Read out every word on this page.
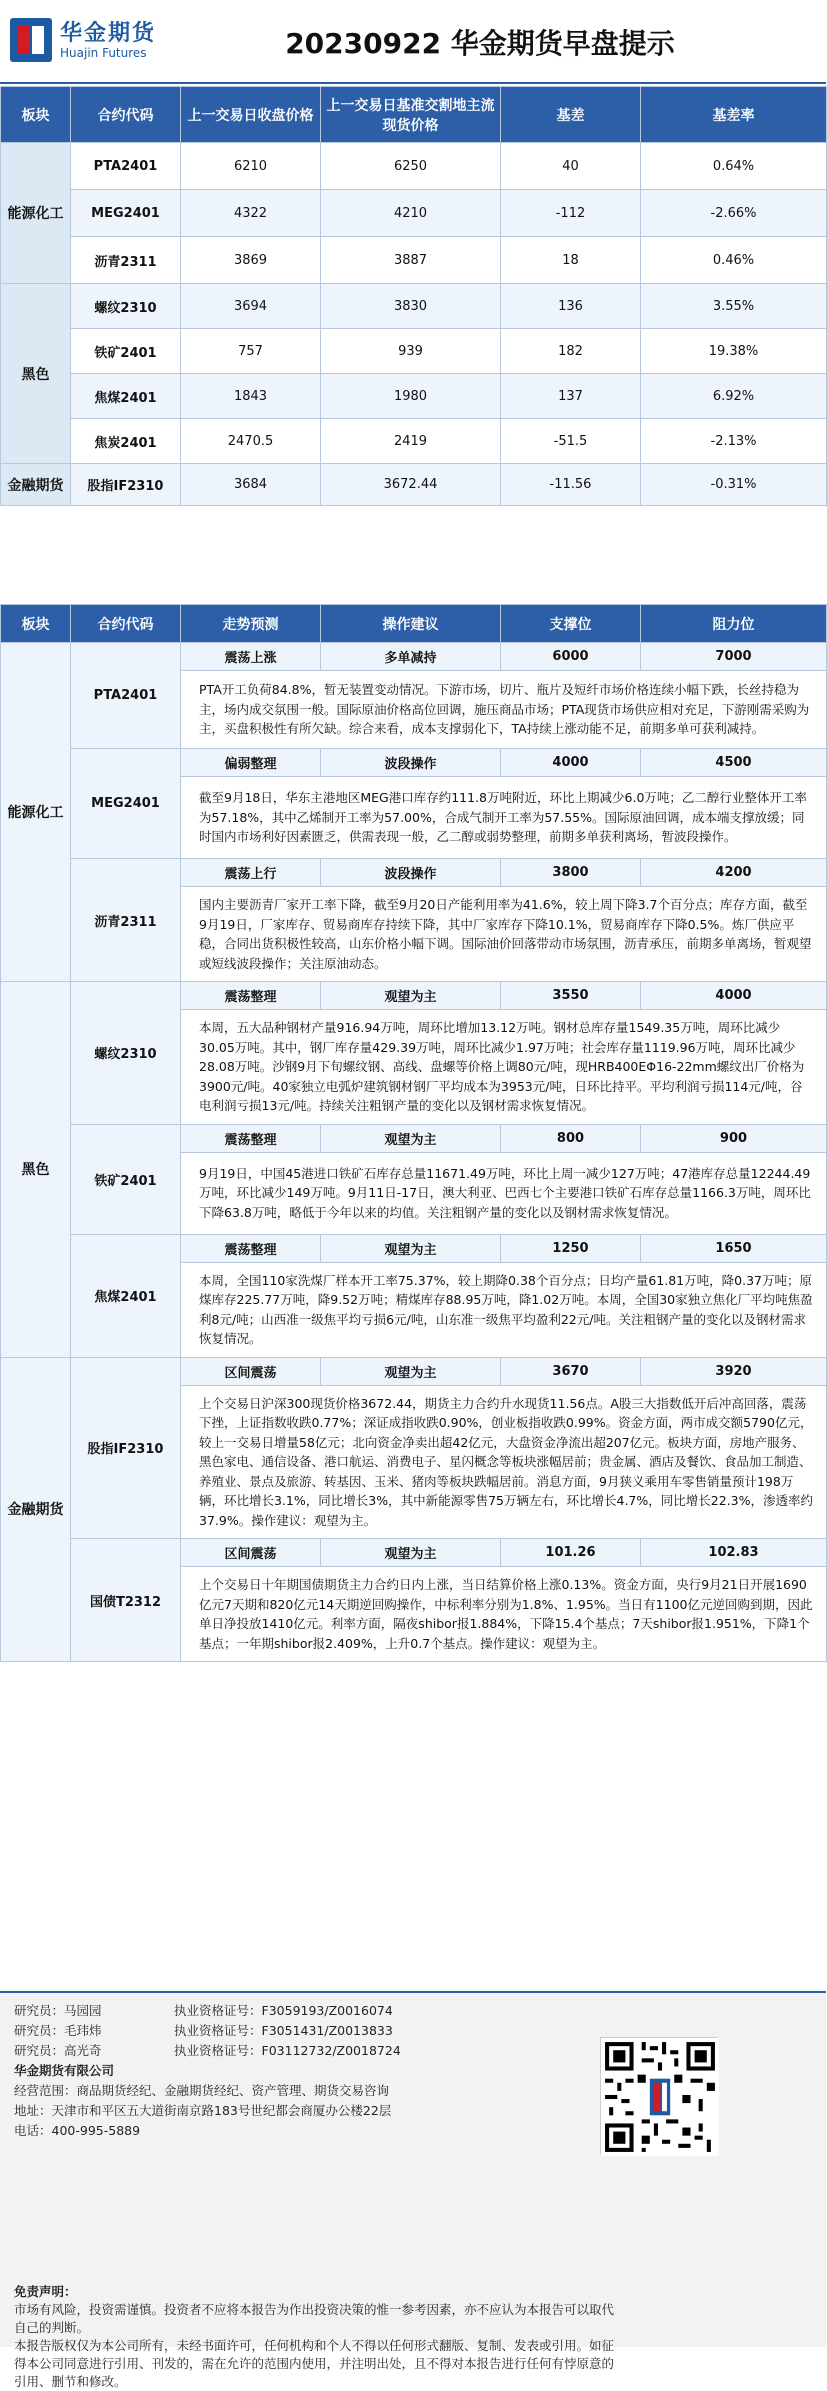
华金期货
Huajin Futures	20230922 华金期货早盘提示
板块	合约代码	上一交易日收盘价格	上一交易日基准交割地主流现货价格	基差	基差率
能源化工	PTA2401	6210	6250	40	0.64%
	MEG2401	4322	4210	-112	-2.66%
	沥青2311	3869	3887	18	0.46%
黑色	螺纹2310	3694	3830	136	3.55%
	铁矿2401	757	939	182	19.38%
	焦煤2401	1843	1980	137	6.92%
	焦炭2401	2470.5	2419	-51.5	-2.13%
金融期货	股指IF2310	3684	3672.44	-11.56	-0.31%
板块	合约代码	走势预测	操作建议	支撑位	阻力位
能源化工	PTA2401	震荡上涨	多单减持	6000	7000
		PTA开工负荷84.8%，暂无装置变动情况。下游市场，切片、瓶片及短纤市场价格连续小幅下跌，长丝持稳为主，场内成交氛围一般。国际原油价格高位回调，施压商品市场；PTA现货市场供应相对充足，下游刚需采购为主，买盘积极性有所欠缺。综合来看，成本支撑弱化下，TA持续上涨动能不足，前期多单可获利减持。			
	MEG2401	偏弱整理	波段操作	4000	4500
		截至9月18日，华东主港地区MEG港口库存约111.8万吨附近，环比上期减少6.0万吨；乙二醇行业整体开工率为57.18%，其中乙烯制开工率为57.00%，合成气制开工率为57.55%。国际原油回调，成本端支撑放缓；同时国内市场利好因素匮乏，供需表现一般，乙二醇或弱势整理，前期多单获利离场，暂波段操作。			
	沥青2311	震荡上行	波段操作	3800	4200
		国内主要沥青厂家开工率下降，截至9月20日产能利用率为41.6%，较上周下降3.7个百分点；库存方面，截至9月19日，厂家库存、贸易商库存持续下降，其中厂家库存下降10.1%，贸易商库存下降0.5%。炼厂供应平稳，合同出货积极性较高，山东价格小幅下调。国际油价回落带动市场氛围，沥青承压，前期多单离场，暂观望或短线波段操作；关注原油动态。			
黑色	螺纹2310	震荡整理	观望为主	3550	4000
		本周，五大品种钢材产量916.94万吨，周环比增加13.12万吨。钢材总库存量1549.35万吨，周环比减少30.05万吨。其中，钢厂库存量429.39万吨，周环比减少1.97万吨；社会库存量1119.96万吨，周环比减少28.08万吨。沙钢9月下旬螺纹钢、高线、盘螺等价格上调80元/吨，现HRB400EΦ16-22mm螺纹出厂价格为3900元/吨。40家独立电弧炉建筑钢材钢厂平均成本为3953元/吨，日环比持平。平均利润亏损114元/吨，谷电利润亏损13元/吨。持续关注粗钢产量的变化以及钢材需求恢复情况。			
	铁矿2401	震荡整理	观望为主	800	900
		9月19日，中国45港进口铁矿石库存总量11671.49万吨，环比上周一减少127万吨；47港库存总量12244.49万吨，环比减少149万吨。9月11日-17日，澳大利亚、巴西七个主要港口铁矿石库存总量1166.3万吨，周环比下降63.8万吨，略低于今年以来的均值。关注粗钢产量的变化以及钢材需求恢复情况。			
	焦煤2401	震荡整理	观望为主	1250	1650
		本周，全国110家洗煤厂样本开工率75.37%，较上期降0.38个百分点；日均产量61.81万吨，降0.37万吨；原煤库存225.77万吨，降9.52万吨；精煤库存88.95万吨，降1.02万吨。本周，全国30家独立焦化厂平均吨焦盈利8元/吨；山西准一级焦平均亏损6元/吨，山东准一级焦平均盈利22元/吨。关注粗钢产量的变化以及钢材需求恢复情况。			
金融期货	股指IF2310	区间震荡	观望为主	3670	3920
		上个交易日沪深300现货价格3672.44，期货主力合约升水现货11.56点。A股三大指数低开后冲高回落，震荡下挫，上证指数收跌0.77%；深证成指收跌0.90%，创业板指收跌0.99%。资金方面，两市成交额5790亿元，较上一交易日增量58亿元；北向资金净卖出超42亿元，大盘资金净流出超207亿元。板块方面，房地产服务、黑色家电、通信设备、港口航运、消费电子、星闪概念等板块涨幅居前；贵金属、酒店及餐饮、食品加工制造、养殖业、景点及旅游、转基因、玉米、猪肉等板块跌幅居前。消息方面，9月狭义乘用车零售销量预计198万辆，环比增长3.1%，同比增长3%，其中新能源零售75万辆左右，环比增长4.7%，同比增长22.3%，渗透率约37.9%。操作建议：观望为主。			
	国债T2312	区间震荡	观望为主	101.26	102.83
		上个交易日十年期国债期货主力合约日内上涨，当日结算价格上涨0.13%。资金方面，央行9月21日开展1690亿元7天期和820亿元14天期逆回购操作，中标利率分别为1.8%、1.95%。当日有1100亿元逆回购到期，因此单日净投放1410亿元。利率方面，隔夜shibor报1.884%，下降15.4个基点；7天shibor报1.951%，下降1个基点；一年期shibor报2.409%，上升0.7个基点。操作建议：观望为主。			
研究员：马园园	执业资格证号：F3059193/Z0016074
研究员：毛玮炜	执业资格证号：F3051431/Z0013833
研究员：高光奇	执业资格证号：F03112732/Z0018724
华金期货有限公司
经营范围：商品期货经纪、金融期货经纪、资产管理、期货交易咨询
地址：天津市和平区五大道街南京路183号世纪都会商厦办公楼22层
电话：400-995-5889
免责声明：
市场有风险，投资需谨慎。投资者不应将本报告为作出投资决策的惟一参考因素，亦不应认为本报告可以取代自己的判断。
本报告版权仅为本公司所有，未经书面许可，任何机构和个人不得以任何形式翻版、复制、发表或引用。如征得本公司同意进行引用、刊发的，需在允许的范围内使用，并注明出处，且不得对本报告进行任何有悖原意的引用、删节和修改。
